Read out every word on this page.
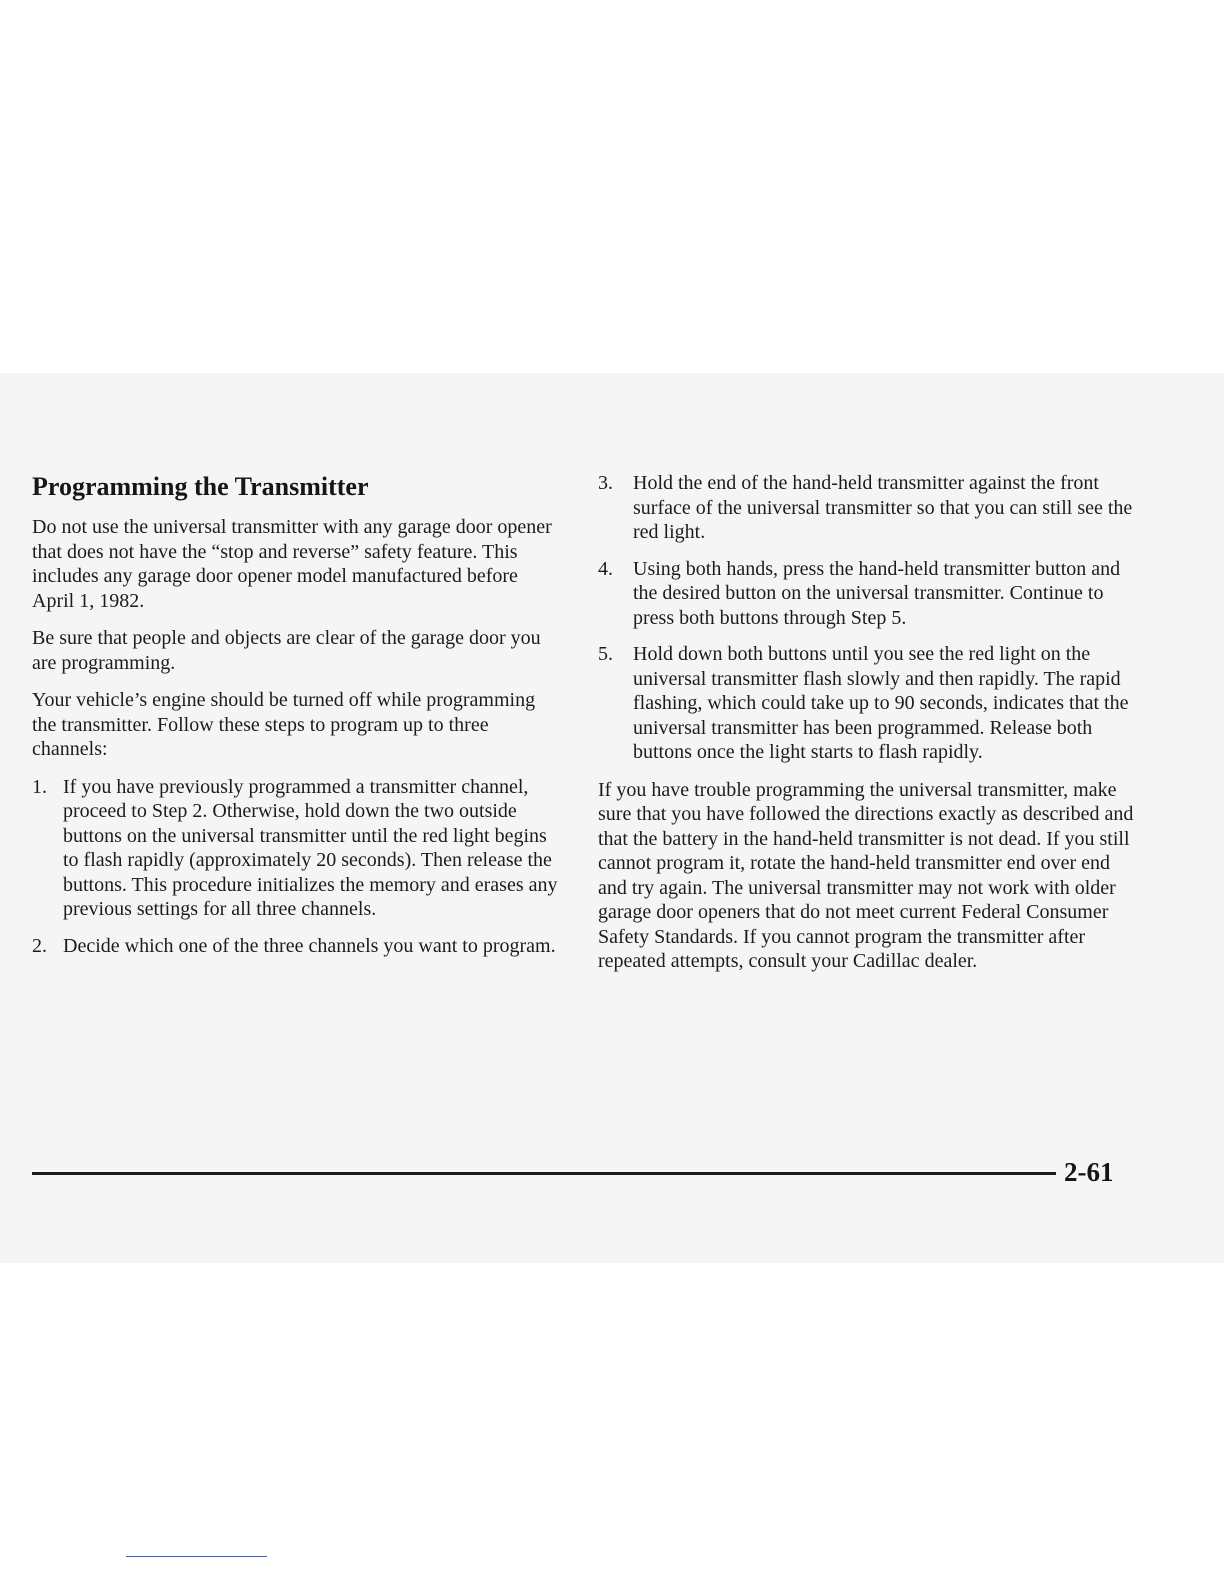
Programming the Transmitter

Do not use the universal transmitter with any garage door opener that does not have the “stop and reverse” safety feature. This includes any garage door opener model manufactured before April 1, 1982.

Be sure that people and objects are clear of the garage door you are programming.

Your vehicle’s engine should be turned off while programming the transmitter. Follow these steps to program up to three channels:

1. If you have previously programmed a transmitter channel, proceed to Step 2. Otherwise, hold down the two outside buttons on the universal transmitter until the red light begins to flash rapidly (approximately 20 seconds). Then release the buttons. This procedure initializes the memory and erases any previous settings for all three channels.
2. Decide which one of the three channels you want to program.
3. Hold the end of the hand-held transmitter against the front surface of the universal transmitter so that you can still see the red light.
4. Using both hands, press the hand-held transmitter button and the desired button on the universal transmitter. Continue to press both buttons through Step 5.
5. Hold down both buttons until you see the red light on the universal transmitter flash slowly and then rapidly. The rapid flashing, which could take up to 90 seconds, indicates that the universal transmitter has been programmed. Release both buttons once the light starts to flash rapidly.

If you have trouble programming the universal transmitter, make sure that you have followed the directions exactly as described and that the battery in the hand-held transmitter is not dead. If you still cannot program it, rotate the hand-held transmitter end over end and try again. The universal transmitter may not work with older garage door openers that do not meet current Federal Consumer Safety Standards. If you cannot program the transmitter after repeated attempts, consult your Cadillac dealer.

2-61
